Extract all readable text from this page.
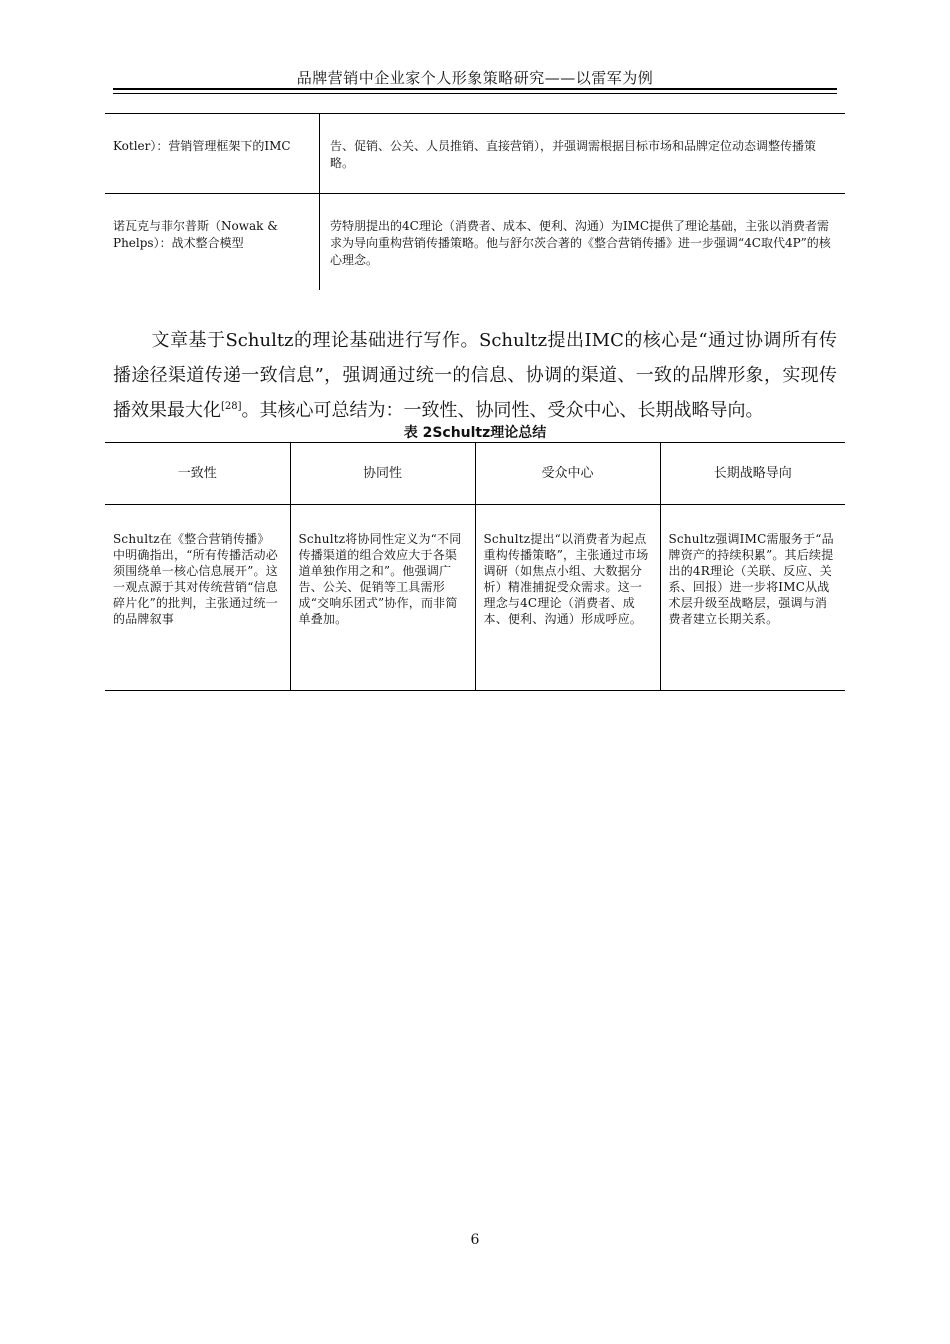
品牌营销中企业家个人形象策略研究——以雷军为例
Kotler）：营销管理框架下的IMC	告、促销、公关、人员推销、直接营销），并强调需根据目标市场和品牌定位动态调整传播策略。

诺瓦克与菲尔普斯（Nowak & Phelps）：战术整合模型	劳特朋提出的4C理论（消费者、成本、便利、沟通）为IMC提供了理论基础，主张以消费者需求为导向重构营销传播策略。他与舒尔茨合著的《整合营销传播》进一步强调“4C取代4P”的核心理念。

文章基于Schultz的理论基础进行写作。Schultz提出IMC的核心是“通过协调所有传播途径渠道传递一致信息”，强调通过统一的信息、协调的渠道、一致的品牌形象，实现传播效果最大化[28]。其核心可总结为：一致性、协同性、受众中心、长期战略导向。

表 2Schultz理论总结
一致性	协同性	受众中心	长期战略导向
Schultz在《整合营销传播》中明确指出，“所有传播活动必须围绕单一核心信息展开”。这一观点源于其对传统营销“信息碎片化”的批判，主张通过统一的品牌叙事	Schultz将协同性定义为“不同传播渠道的组合效应大于各渠道单独作用之和”。他强调广告、公关、促销等工具需形成“交响乐团式”协作，而非简单叠加。	Schultz提出“以消费者为起点重构传播策略”，主张通过市场调研（如焦点小组、大数据分析）精准捕捉受众需求。这一理念与4C理论（消费者、成本、便利、沟通）形成呼应。	Schultz强调IMC需服务于“品牌资产的持续积累”。其后续提出的4R理论（关联、反应、关系、回报）进一步将IMC从战术层升级至战略层，强调与消费者建立长期关系。
6
